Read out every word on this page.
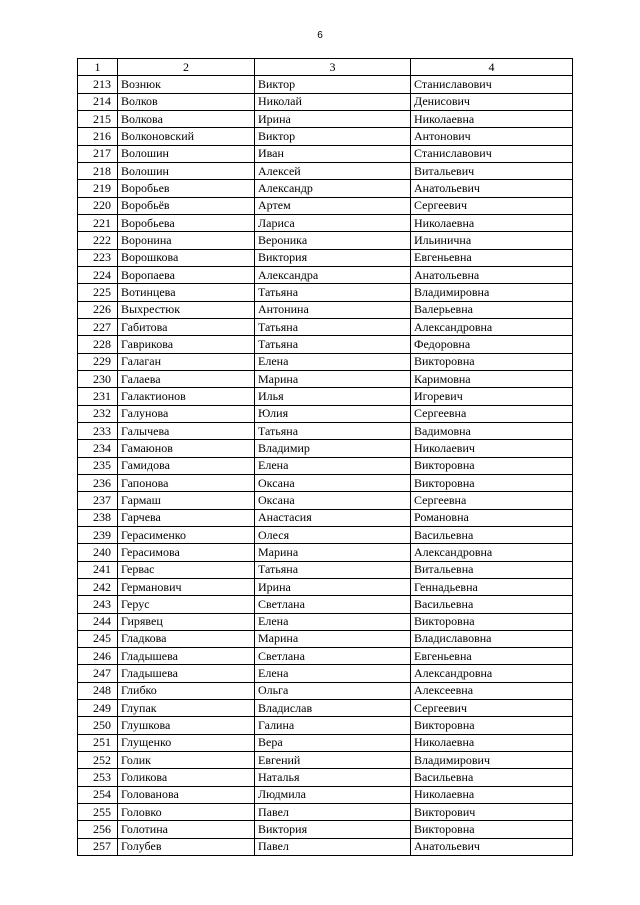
6
1	2	3	4
213	Вознюк	Виктор	Станиславович
214	Волков	Николай	Денисович
215	Волкова	Ирина	Николаевна
216	Волконовский	Виктор	Антонович
217	Волошин	Иван	Станиславович
218	Волошин	Алексей	Витальевич
219	Воробьев	Александр	Анатольевич
220	Воробьёв	Артем	Сергеевич
221	Воробьева	Лариса	Николаевна
222	Воронина	Вероника	Ильинична
223	Ворошкова	Виктория	Евгеньевна
224	Воропаева	Александра	Анатольевна
225	Вотинцева	Татьяна	Владимировна
226	Выхрестюк	Антонина	Валерьевна
227	Габитова	Татьяна	Александровна
228	Гаврикова	Татьяна	Федоровна
229	Галаган	Елена	Викторовна
230	Галаева	Марина	Каримовна
231	Галактионов	Илья	Игоревич
232	Галунова	Юлия	Сергеевна
233	Галычева	Татьяна	Вадимовна
234	Гамаюнов	Владимир	Николаевич
235	Гамидова	Елена	Викторовна
236	Гапонова	Оксана	Викторовна
237	Гармаш	Оксана	Сергеевна
238	Гарчева	Анастасия	Романовна
239	Герасименко	Олеся	Васильевна
240	Герасимова	Марина	Александровна
241	Гервас	Татьяна	Витальевна
242	Германович	Ирина	Геннадьевна
243	Герус	Светлана	Васильевна
244	Гирявец	Елена	Викторовна
245	Гладкова	Марина	Владиславовна
246	Гладышева	Светлана	Евгеньевна
247	Гладышева	Елена	Александровна
248	Глибко	Ольга	Алексеевна
249	Глупак	Владислав	Сергеевич
250	Глушкова	Галина	Викторовна
251	Глущенко	Вера	Николаевна
252	Голик	Евгений	Владимирович
253	Голикова	Наталья	Васильевна
254	Голованова	Людмила	Николаевна
255	Головко	Павел	Викторович
256	Голотина	Виктория	Викторовна
257	Голубев	Павел	Анатольевич
